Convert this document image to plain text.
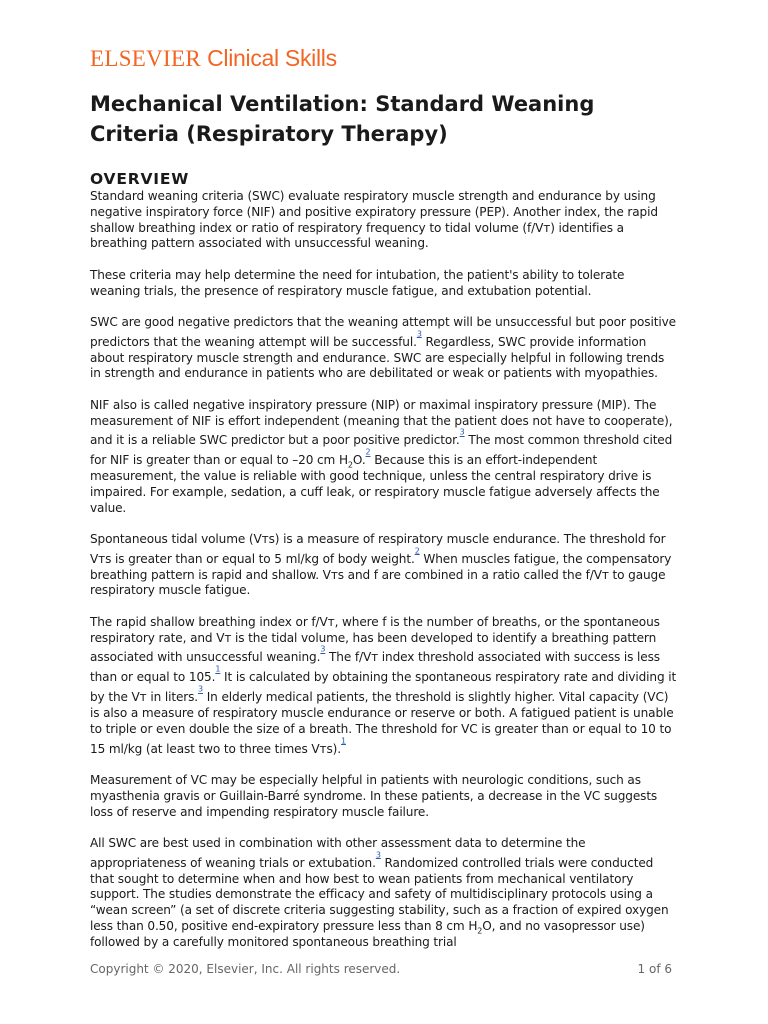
ELSEVIER Clinical Skills
Mechanical Ventilation: Standard Weaning Criteria (Respiratory Therapy)
OVERVIEW

Standard weaning criteria (SWC) evaluate respiratory muscle strength and endurance by using negative inspiratory force (NIF) and positive expiratory pressure (PEP). Another index, the rapid shallow breathing index or ratio of respiratory frequency to tidal volume (f/Vᴛ) identifies a breathing pattern associated with unsuccessful weaning.

These criteria may help determine the need for intubation, the patient's ability to tolerate weaning trials, the presence of respiratory muscle fatigue, and extubation potential.

SWC are good negative predictors that the weaning attempt will be unsuccessful but poor positive predictors that the weaning attempt will be successful.$^{^3}$ Regardless, SWC provide information about respiratory muscle strength and endurance. SWC are especially helpful in following trends in strength and endurance in patients who are debilitated or weak or patients with myopathies.

NIF also is called negative inspiratory pressure (NIP) or maximal inspiratory pressure (MIP). The measurement of NIF is effort independent (meaning that the patient does not have to cooperate), and it is a reliable SWC predictor but a poor positive predictor.$^{^3}$ The most common threshold cited for NIF is greater than or equal to –20 cm $H_2O.^{^2}$ Because this is an effort-independent measurement, the value is reliable with good technique, unless the central respiratory drive is impaired. For example, sedation, a cuff leak, or respiratory muscle fatigue adversely affects the value.

Spontaneous tidal volume (Vᴛs) is a measure of respiratory muscle endurance. The threshold for Vᴛs is greater than or equal to 5 ml/kg of body weight.$^{^2}$ When muscles fatigue, the compensatory breathing pattern is rapid and shallow. Vᴛs and f are combined in a ratio called the f/Vᴛ to gauge respiratory muscle fatigue.

The rapid shallow breathing index or f/Vᴛ, where f is the number of breaths, or the spontaneous respiratory rate, and Vᴛ is the tidal volume, has been developed to identify a breathing pattern associated with unsuccessful weaning.$^{^3}$ The f/Vᴛ index threshold associated with success is less than or equal to 105.$^{^1}$ It is calculated by obtaining the spontaneous respiratory rate and dividing it by the Vᴛ in liters.$^{^3}$ In elderly medical patients, the threshold is slightly higher. Vital capacity (VC) is also a measure of respiratory muscle endurance or reserve or both. A fatigued patient is unable to triple or even double the size of a breath. The threshold for VC is greater than or equal to 10 to 15 ml/kg (at least two to three times Vᴛs).$^{^1}$

Measurement of VC may be especially helpful in patients with neurologic conditions, such as myasthenia gravis or Guillain-Barré syndrome. In these patients, a decrease in the VC suggests loss of reserve and impending respiratory muscle failure.

All SWC are best used in combination with other assessment data to determine the appropriateness of weaning trials or extubation.$^{^3}$ Randomized controlled trials were conducted that sought to determine when and how best to wean patients from mechanical ventilatory support. The studies demonstrate the efficacy and safety of multidisciplinary protocols using a “wean screen” (a set of discrete criteria suggesting stability, such as a fraction of expired oxygen less than 0.50, positive end-expiratory pressure less than 8 cm $H_2O$, and no vasopressor use) followed by a carefully monitored spontaneous breathing trial

Copyright © 2020, Elsevier, Inc. All rights reserved.	1 of 6
